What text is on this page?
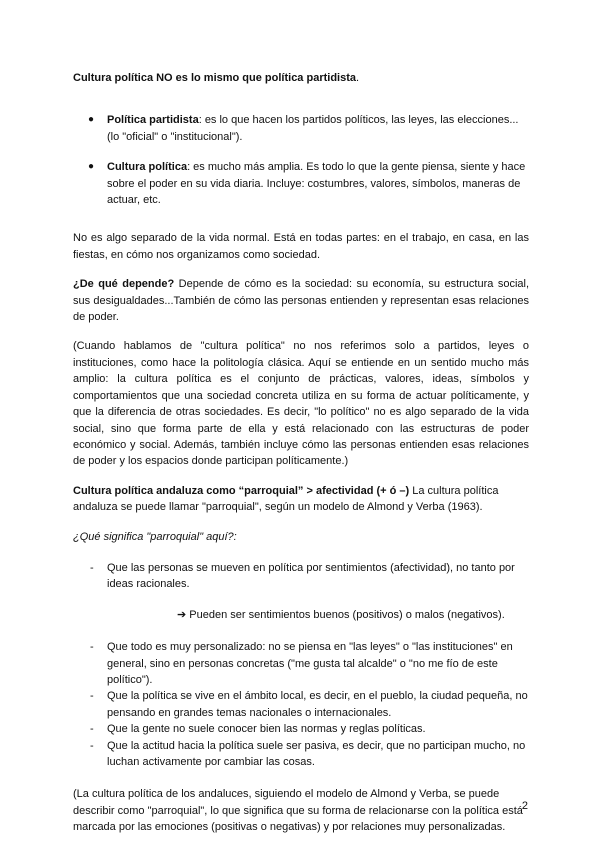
Cultura política NO es lo mismo que política partidista.

● Política partidista: es lo que hacen los partidos políticos, las leyes, las elecciones... (lo "oficial" o "institucional").
● Cultura política: es mucho más amplia. Es todo lo que la gente piensa, siente y hace sobre el poder en su vida diaria. Incluye: costumbres, valores, símbolos, maneras de actuar, etc.

No es algo separado de la vida normal. Está en todas partes: en el trabajo, en casa, en las fiestas, en cómo nos organizamos como sociedad.

¿De qué depende? Depende de cómo es la sociedad: su economía, su estructura social, sus desigualdades...También de cómo las personas entienden y representan esas relaciones de poder.

(Cuando hablamos de "cultura política" no nos referimos solo a partidos, leyes o instituciones, como hace la politología clásica. Aquí se entiende en un sentido mucho más amplio: la cultura política es el conjunto de prácticas, valores, ideas, símbolos y comportamientos que una sociedad concreta utiliza en su forma de actuar políticamente, y que la diferencia de otras sociedades. Es decir, "lo político" no es algo separado de la vida social, sino que forma parte de ella y está relacionado con las estructuras de poder económico y social. Además, también incluye cómo las personas entienden esas relaciones de poder y los espacios donde participan políticamente.)

Cultura política andaluza como “parroquial” > afectividad (+ ó –) La cultura política andaluza se puede llamar "parroquial", según un modelo de Almond y Verba (1963).

¿Qué significa "parroquial" aquí?:

- Que las personas se mueven en política por sentimientos (afectividad), no tanto por ideas racionales.

➔ Pueden ser sentimientos buenos (positivos) o malos (negativos).

- Que todo es muy personalizado: no se piensa en "las leyes" o "las instituciones" en general, sino en personas concretas ("me gusta tal alcalde" o "no me fío de este político").
- Que la política se vive en el ámbito local, es decir, en el pueblo, la ciudad pequeña, no pensando en grandes temas nacionales o internacionales.
- Que la gente no suele conocer bien las normas y reglas políticas.
- Que la actitud hacia la política suele ser pasiva, es decir, que no participan mucho, no luchan activamente por cambiar las cosas.

(La cultura política de los andaluces, siguiendo el modelo de Almond y Verba, se puede describir como "parroquial", lo que significa que su forma de relacionarse con la política está marcada por las emociones (positivas o negativas) y por relaciones muy personalizadas.

2
